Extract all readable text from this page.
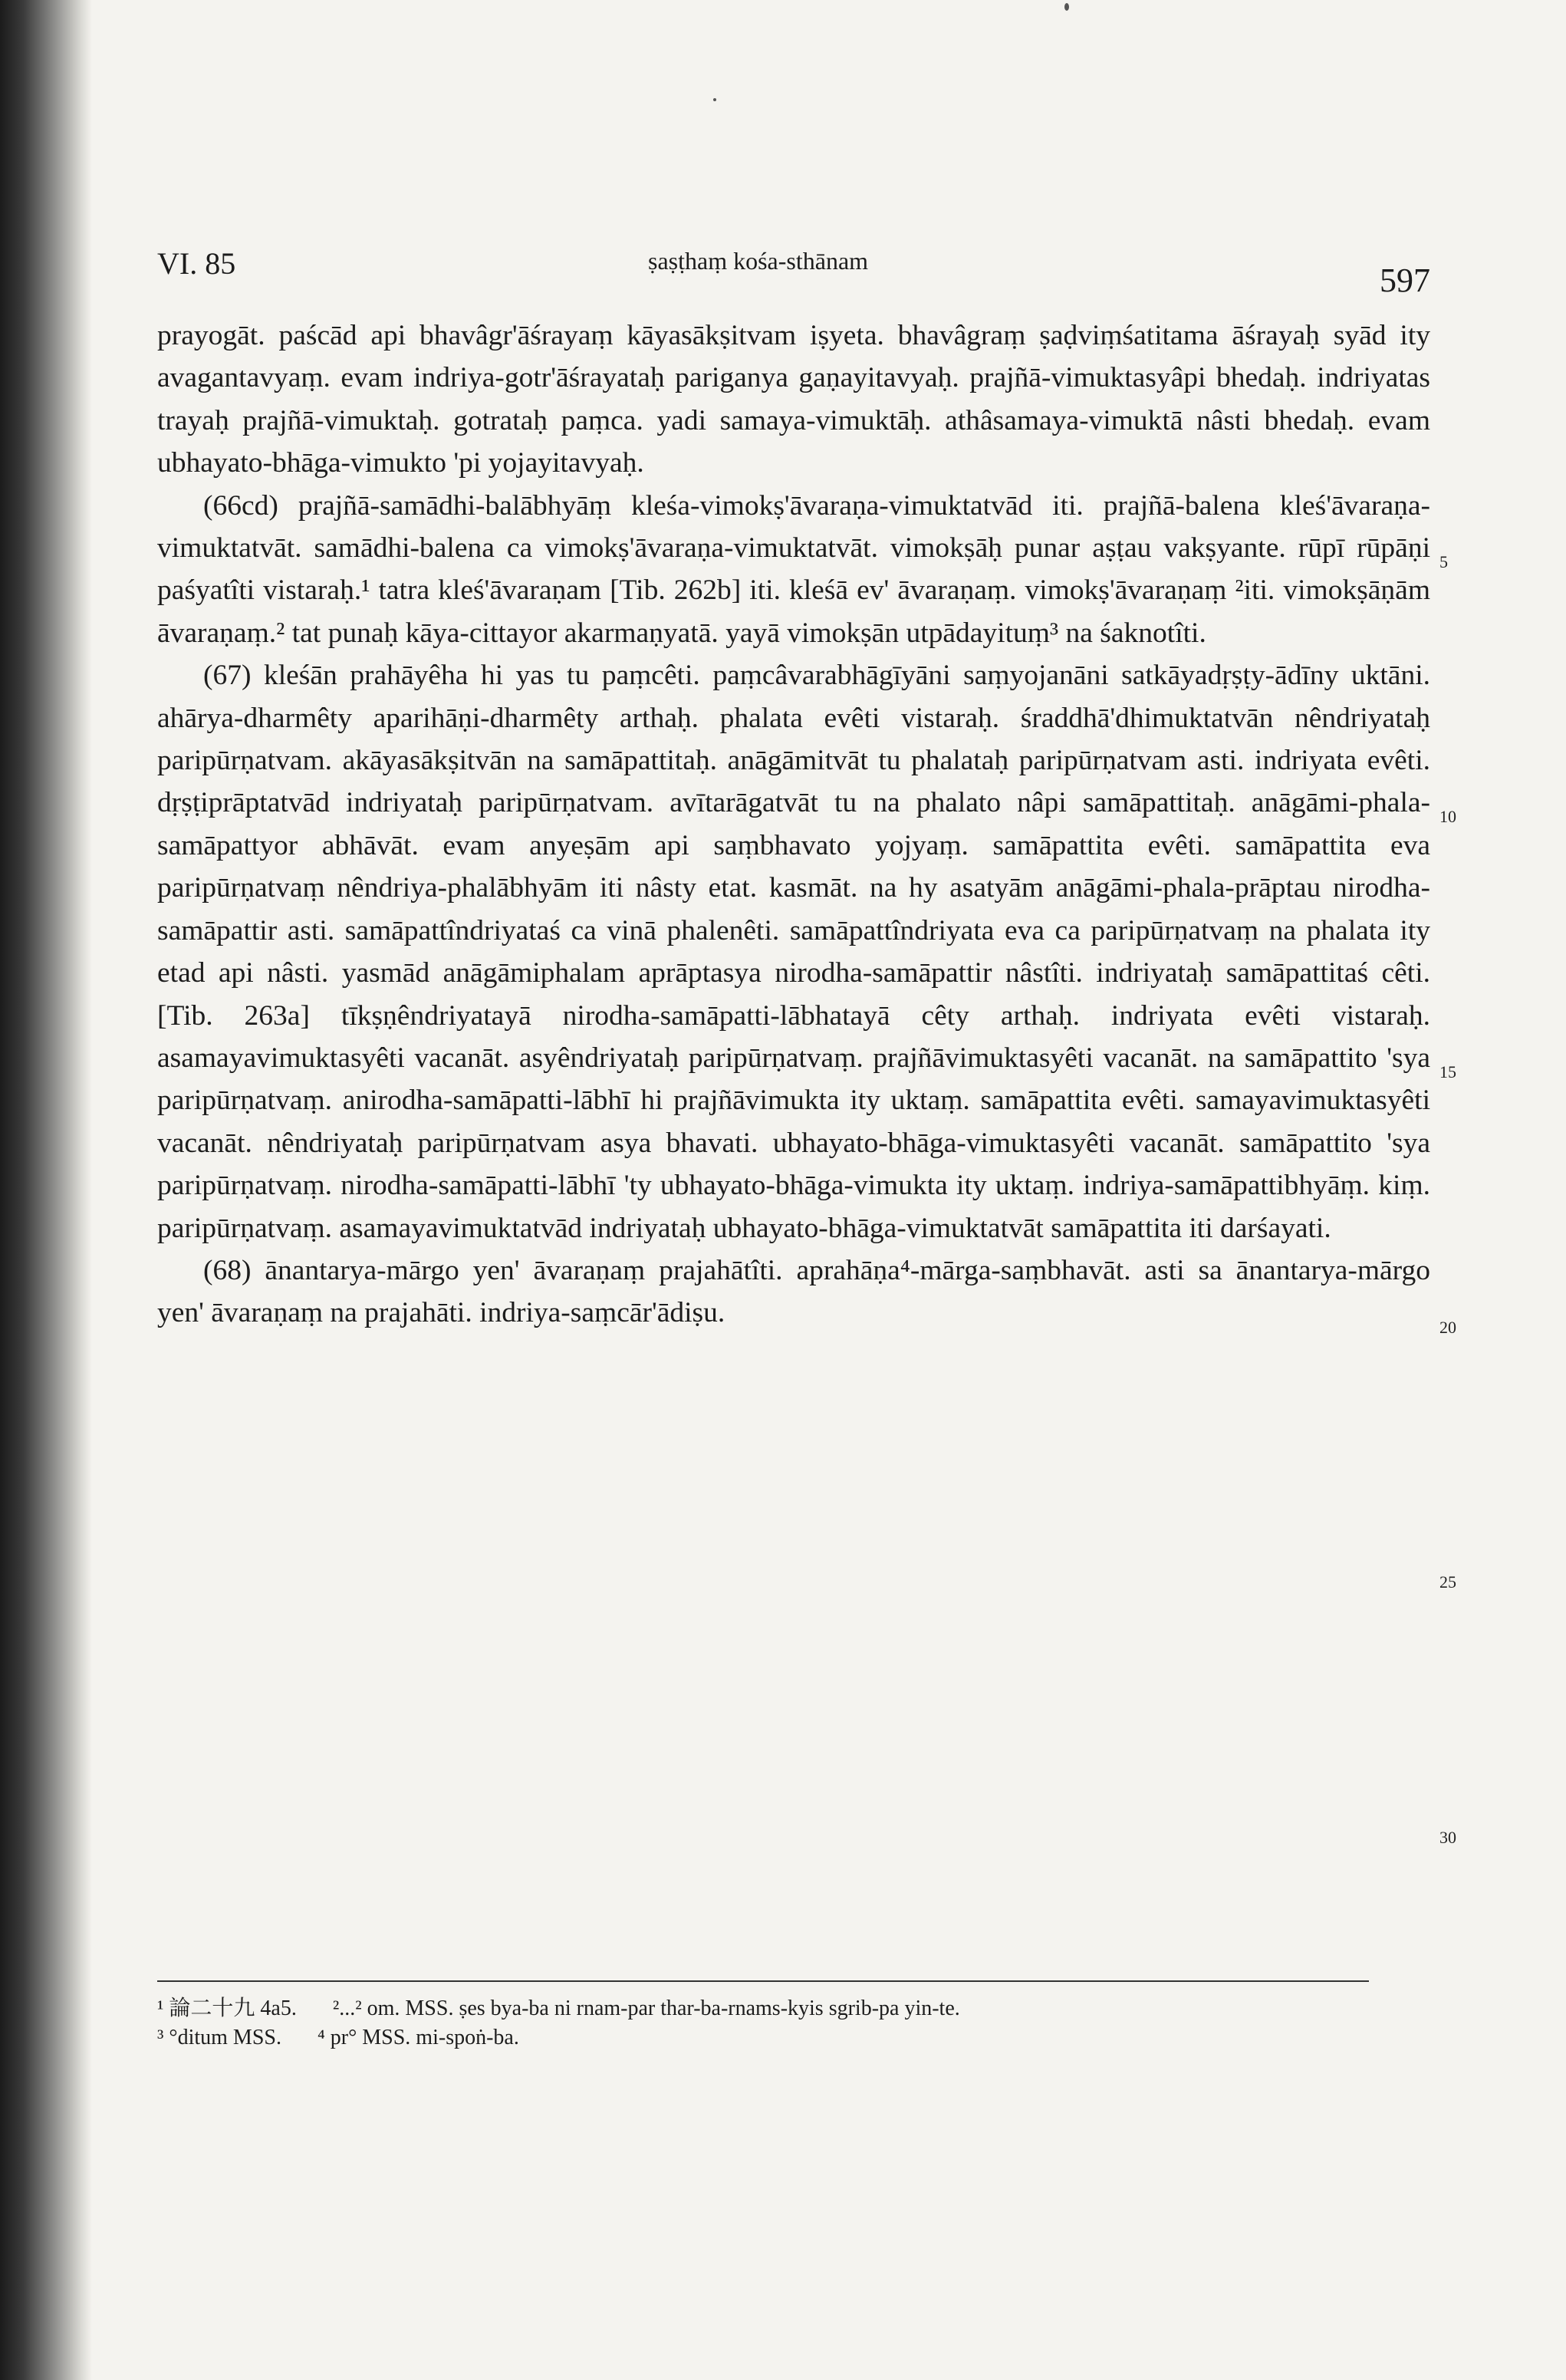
VI. 85	ṣaṣṭhaṃ kośa-sthānam
597

prayogāt. paścād api bhavâgr'āśrayaṃ kāyasākṣitvam iṣyeta. bhavâgraṃ ṣaḍviṃśatitama āśrayaḥ syād ity avagantavyaṃ. evam indriya-gotr'āśrayataḥ pariganya gaṇayitavyaḥ. prajñā-vimuktasyâpi bhedaḥ. indriyatas trayaḥ prajñā-vimuktaḥ. gotrataḥ paṃca. yadi samaya-vimuktāḥ. athâsamaya-vimuktā nâsti bhedaḥ. evam ubhayato-bhāga-vimukto 'pi yojayitavyaḥ.

(66cd) prajñā-samādhi-balābhyāṃ kleśa-vimokṣ'āvaraṇa-vimuktatvād iti. prajñā-balena kleś'āvaraṇa-vimuktatvāt. samādhi-balena ca vimokṣ'āvaraṇa-vimuktatvāt. vimokṣāḥ punar aṣṭau vakṣyante. rūpī rūpāṇi paśyatîti vistaraḥ.¹ tatra kleś'āvaraṇam [Tib. 262b] iti. kleśā ev' āvaraṇaṃ. vimokṣ'āvaraṇaṃ ²iti. vimokṣāṇām āvaraṇaṃ.² tat punaḥ kāya-cittayor akarmaṇyatā. yayā vimokṣān utpādayituṃ³ na śaknotîti.

(67) kleśān prahāyêha hi yas tu paṃcêti. paṃcâvarabhāgīyāni saṃyojanāni satkāyadṛṣṭy-ādīny uktāni. ahārya-dharmêty aparihāṇi-dharmêty arthaḥ. phalata evêti vistaraḥ. śraddhā'dhimuktatvān nêndriyataḥ paripūrṇatvam. akāyasākṣitvān na samāpattitaḥ. anāgāmitvāt tu phalataḥ paripūrṇatvam asti. indriyata evêti. dṛṣṭiprāptatvād indriyataḥ paripūrṇatvam. avītarāgatvāt tu na phalato nâpi samāpattitaḥ. anāgāmi-phala-samāpattyor abhāvāt. evam anyeṣām api saṃbhavato yojyaṃ. samāpattita evêti. samāpattita eva paripūrṇatvaṃ nêndriya-phalābhyām iti nâsty etat. kasmāt. na hy asatyām anāgāmi-phala-prāptau nirodha-samāpattir asti. samāpattîndriyataś ca vinā phalenêti. samāpattîndriyata eva ca paripūrṇatvaṃ na phalata ity etad api nâsti. yasmād anāgāmiphalam aprāptasya nirodha-samāpattir nâstîti. indriyataḥ samāpattitaś cêti. [Tib. 263a] tīkṣṇêndriyatayā nirodha-samāpatti-lābhatayā cêty arthaḥ. indriyata evêti vistaraḥ. asamayavimuktasyêti vacanāt. asyêndriyataḥ paripūrṇatvaṃ. prajñāvimuktasyêti vacanāt. na samāpattito 'sya paripūrṇatvaṃ. anirodha-samāpatti-lābhī hi prajñāvimukta ity uktaṃ. samāpattita evêti. samayavimuktasyêti vacanāt. nêndriyataḥ paripūrṇatvam asya bhavati. ubhayato-bhāga-vimuktasyêti vacanāt. samāpattito 'sya paripūrṇatvaṃ. nirodha-samāpatti-lābhī 'ty ubhayato-bhāga-vimukta ity uktaṃ. indriya-samāpattibhyāṃ. kiṃ. paripūrṇatvaṃ. asamayavimuktatvād indriyataḥ ubhayato-bhāga-vimuktatvāt samāpattita iti darśayati.

(68) ānantarya-mārgo yen' āvaraṇaṃ prajahātîti. aprahāṇa⁴-mārga-saṃbhavāt. asti sa ānantarya-mārgo yen' āvaraṇaṃ na prajahāti. indriya-saṃcār'ādiṣu.

5
10
15
20
25
30
¹ 論二十九 4a5. ²...² om. MSS. ṣes bya-ba ni rnam-par thar-ba-rnams-kyis sgrib-pa yin-te.
³ °ditum MSS. ⁴ pr° MSS. mi-spoṅ-ba.
